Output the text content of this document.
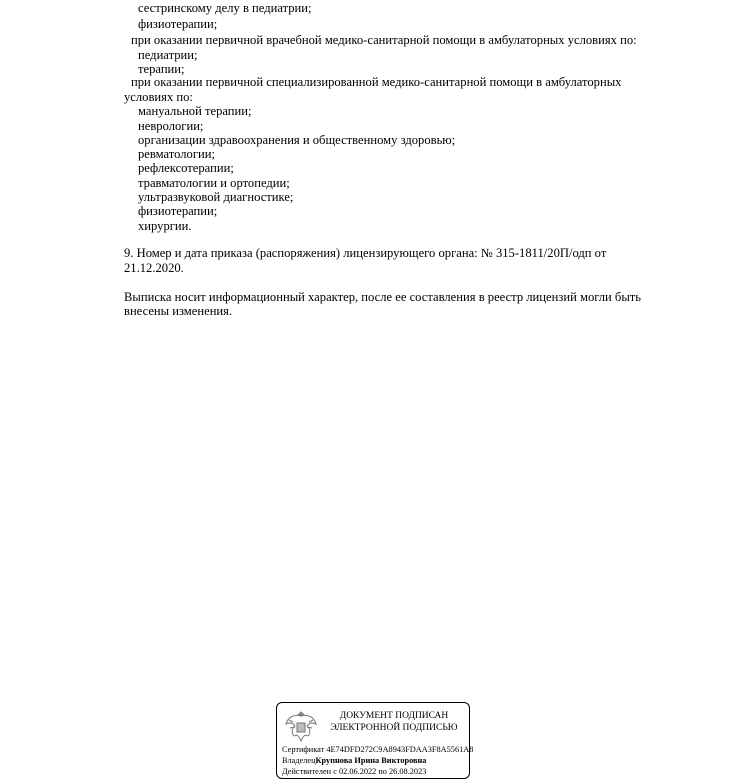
сестринскому делу в педиатрии;
физиотерапии;
при оказании первичной врачебной медико-санитарной помощи в амбулаторных условиях по:
педиатрии;
терапии;
при оказании первичной специализированной медико-санитарной помощи в амбулаторных
условиях по:
мануальной терапии;
неврологии;
организации здравоохранения и общественному здоровью;
ревматологии;
рефлексотерапии;
травматологии и ортопедии;
ультразвуковой диагностике;
физиотерапии;
хирургии.
9. Номер и дата приказа (распоряжения) лицензирующего органа: № 315-1811/20П/одп от
21.12.2020.
Выписка носит информационный характер, после ее составления в реестр лицензий могли быть
внесены изменения.
ДОКУМЕНТ ПОДПИСАН
ЭЛЕКТРОННОЙ ПОДПИСЬЮ
Сертификат 4E74DFD272C9A8943FDAA3F8A5561A8
ВладелецКрупнова Ирина Викторовна
Действителен с 02.06.2022 по 26.08.2023
